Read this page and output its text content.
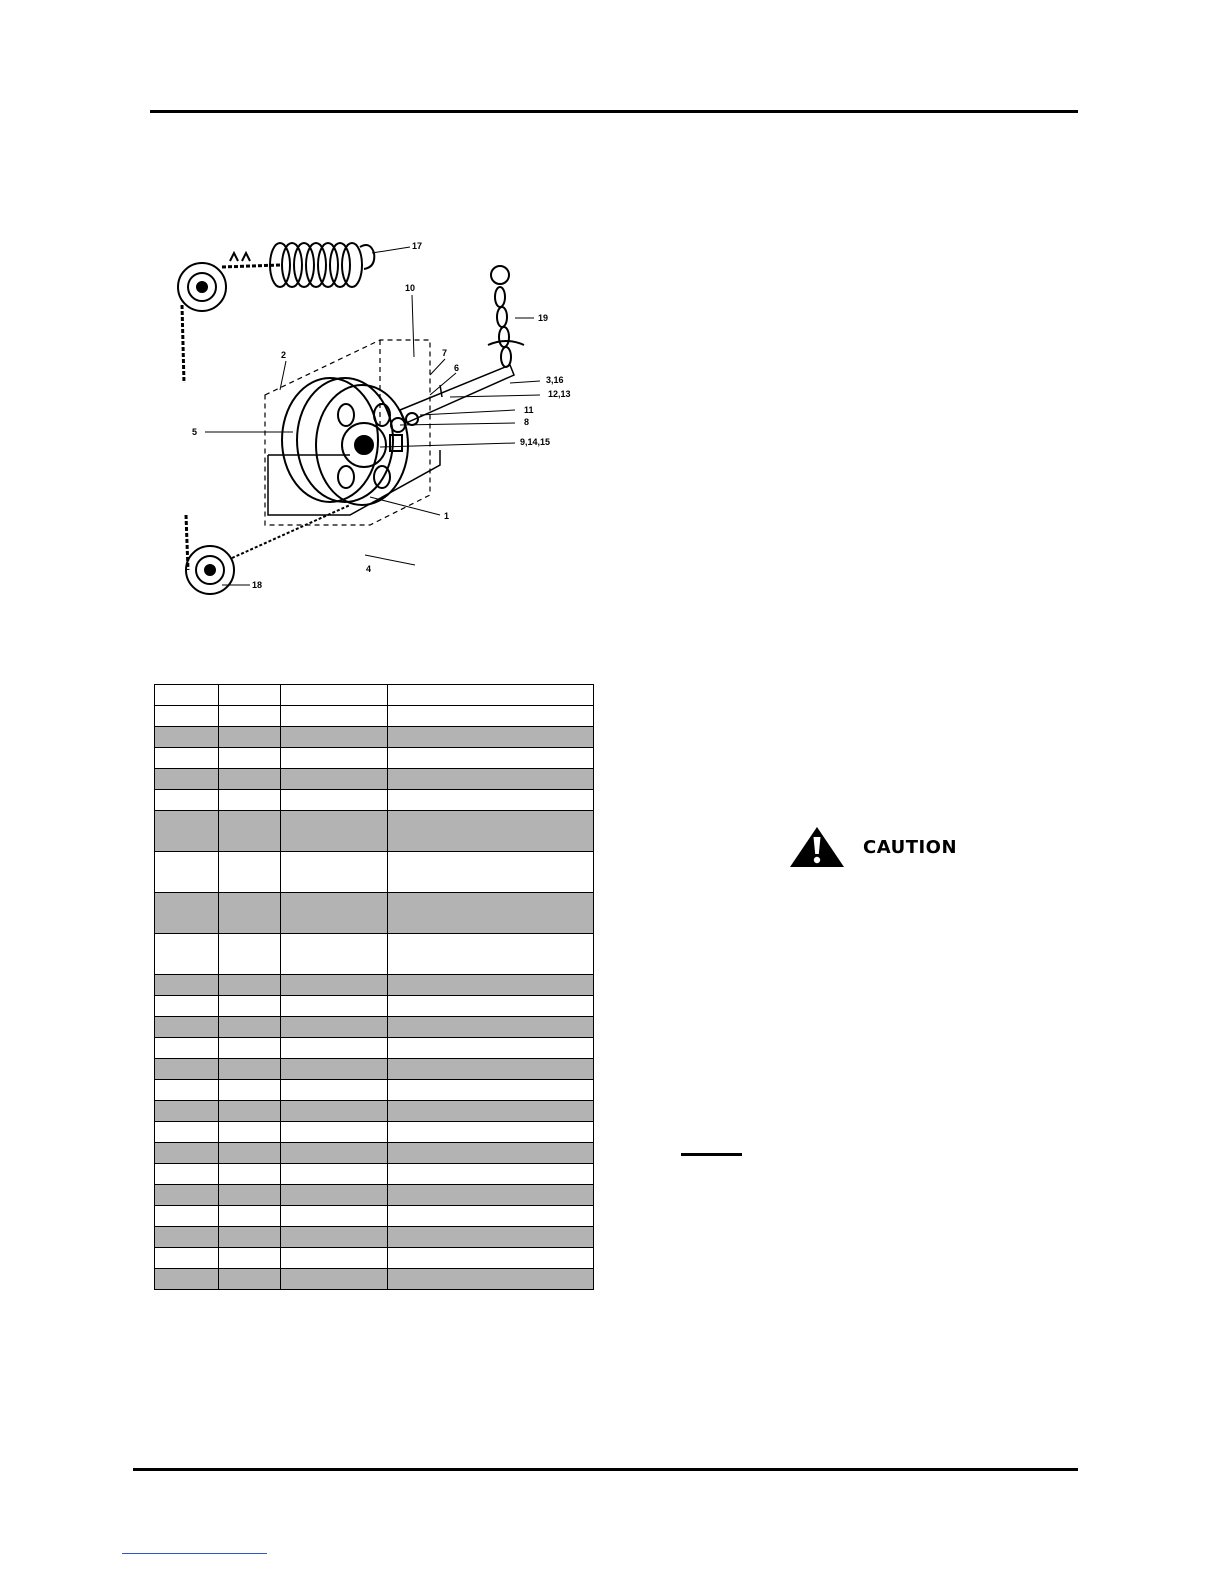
17
10
19
2	7
6
3,16
12,13
11
8
9,14,15
5
1
4
18

CAUTION
